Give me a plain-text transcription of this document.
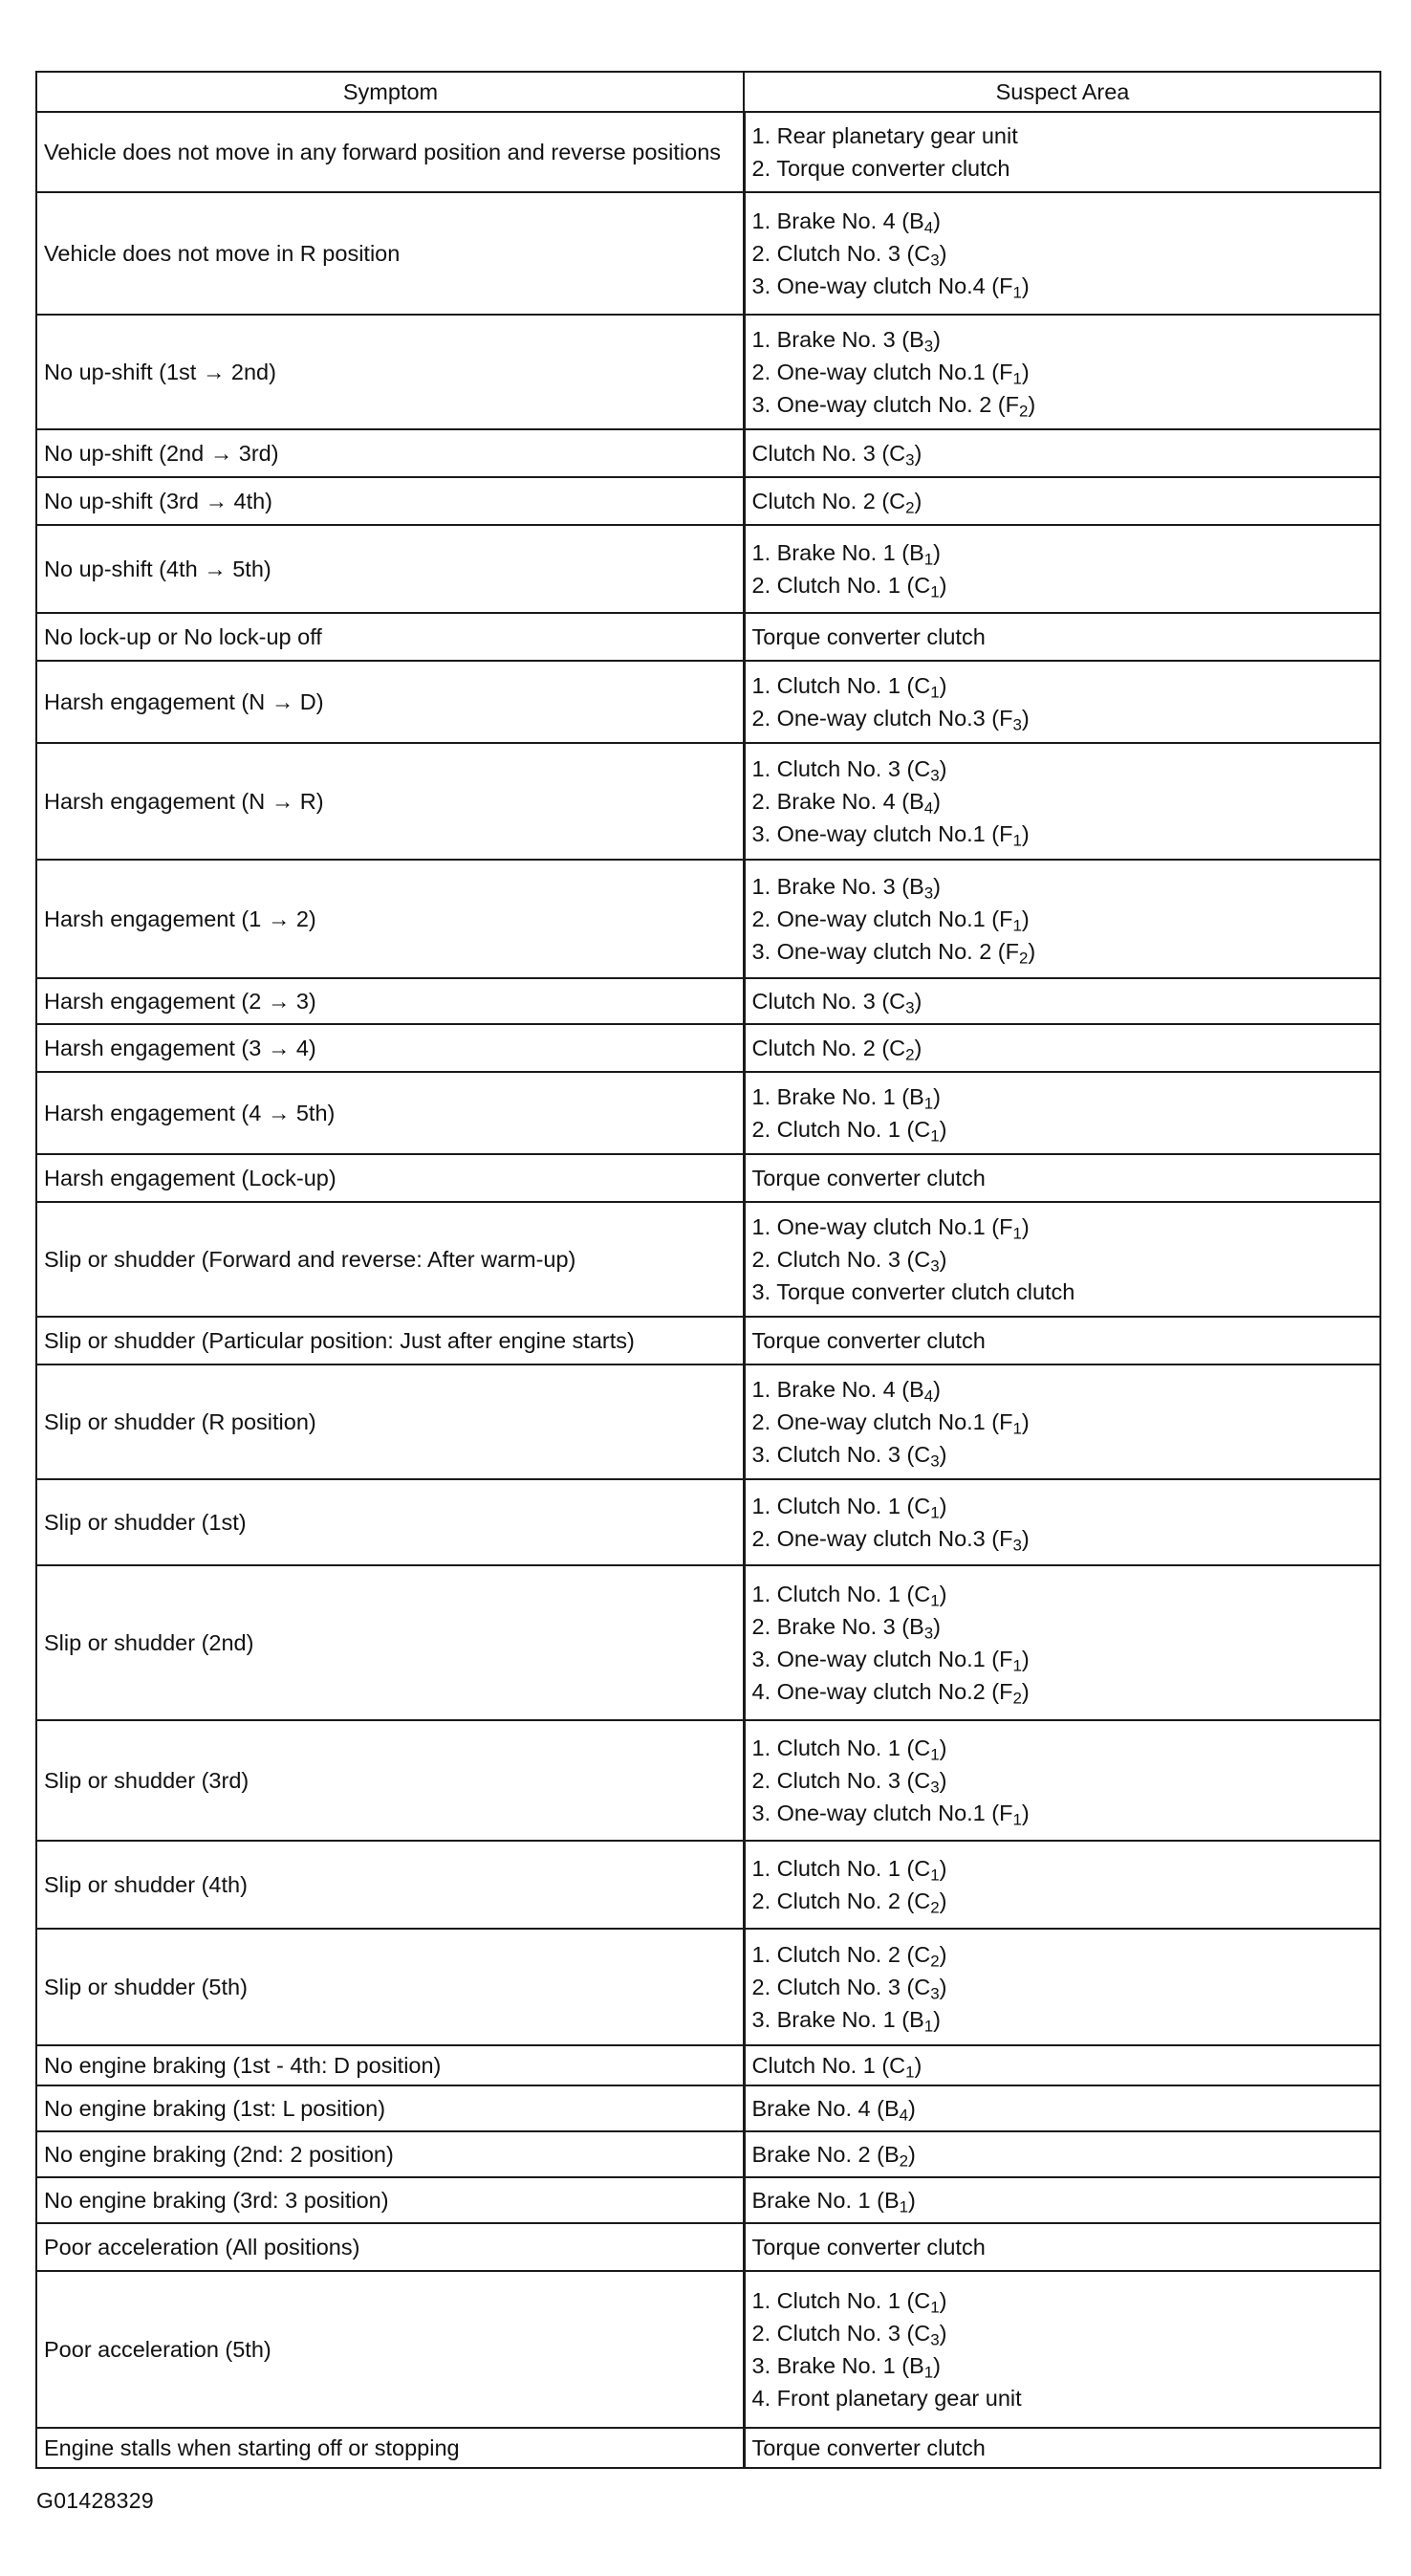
Symptom	Suspect Area
Vehicle does not move in any forward position and reverse positions	1. Rear planetary gear unit
2. Torque converter clutch

Vehicle does not move in R position	1. Brake No. 4 $(B_4)$
2. Clutch No. 3 $(C_3)$
3. One-way clutch No.4 $(F_1)$

No up-shift (1st → 2nd)	1. Brake No. 3 $(B_3)$
2. One-way clutch No.1 $(F_1)$
3. One-way clutch No. 2 $(F_2)$

No up-shift (2nd → 3rd)	Clutch No. 3 $(C_3)$

No up-shift (3rd → 4th)	Clutch No. 2 $(C_2)$

No up-shift (4th → 5th)	1. Brake No. 1 $(B_1)$
2. Clutch No. 1 $(C_1)$

No lock-up or No lock-up off	Torque converter clutch

Harsh engagement (N → D)	1. Clutch No. 1 $(C_1)$
2. One-way clutch No.3 $(F_3)$

Harsh engagement (N → R)	1. Clutch No. 3 $(C_3)$
2. Brake No. 4 $(B_4)$
3. One-way clutch No.1 $(F_1)$

Harsh engagement (1 → 2)	1. Brake No. 3 $(B_3)$
2. One-way clutch No.1 $(F_1)$
3. One-way clutch No. 2 $(F_2)$

Harsh engagement (2 → 3)	Clutch No. 3 $(C_3)$

Harsh engagement (3 → 4)	Clutch No. 2 $(C_2)$

Harsh engagement (4 → 5th)	1. Brake No. 1 $(B_1)$
2. Clutch No. 1 $(C_1)$

Harsh engagement (Lock-up)	Torque converter clutch

Slip or shudder (Forward and reverse: After warm-up)	1. One-way clutch No.1 $(F_1)$
2. Clutch No. 3 $(C_3)$
3. Torque converter clutch clutch

Slip or shudder (Particular position: Just after engine starts)	Torque converter clutch

Slip or shudder (R position)	1. Brake No. 4 $(B_4)$
2. One-way clutch No.1 $(F_1)$
3. Clutch No. 3 $(C_3)$

Slip or shudder (1st)	1. Clutch No. 1 $(C_1)$
2. One-way clutch No.3 $(F_3)$

Slip or shudder (2nd)	1. Clutch No. 1 $(C_1)$
2. Brake No. 3 $(B_3)$
3. One-way clutch No.1 $(F_1)$
4. One-way clutch No.2 $(F_2)$

Slip or shudder (3rd)	1. Clutch No. 1 $(C_1)$
2. Clutch No. 3 $(C_3)$
3. One-way clutch No.1 $(F_1)$

Slip or shudder (4th)	1. Clutch No. 1 $(C_1)$
2. Clutch No. 2 $(C_2)$

Slip or shudder (5th)	1. Clutch No. 2 $(C_2)$
2. Clutch No. 3 $(C_3)$
3. Brake No. 1 $(B_1)$

No engine braking (1st - 4th: D position)	Clutch No. 1 $(C_1)$

No engine braking (1st: L position)	Brake No. 4 $(B_4)$

No engine braking (2nd: 2 position)	Brake No. 2 $(B_2)$

No engine braking (3rd: 3 position)	Brake No. 1 $(B_1)$

Poor acceleration (All positions)	Torque converter clutch

Poor acceleration (5th)	1. Clutch No. 1 $(C_1)$
2. Clutch No. 3 $(C_3)$
3. Brake No. 1 $(B_1)$
4. Front planetary gear unit

Engine stalls when starting off or stopping	Torque converter clutch
G01428329
